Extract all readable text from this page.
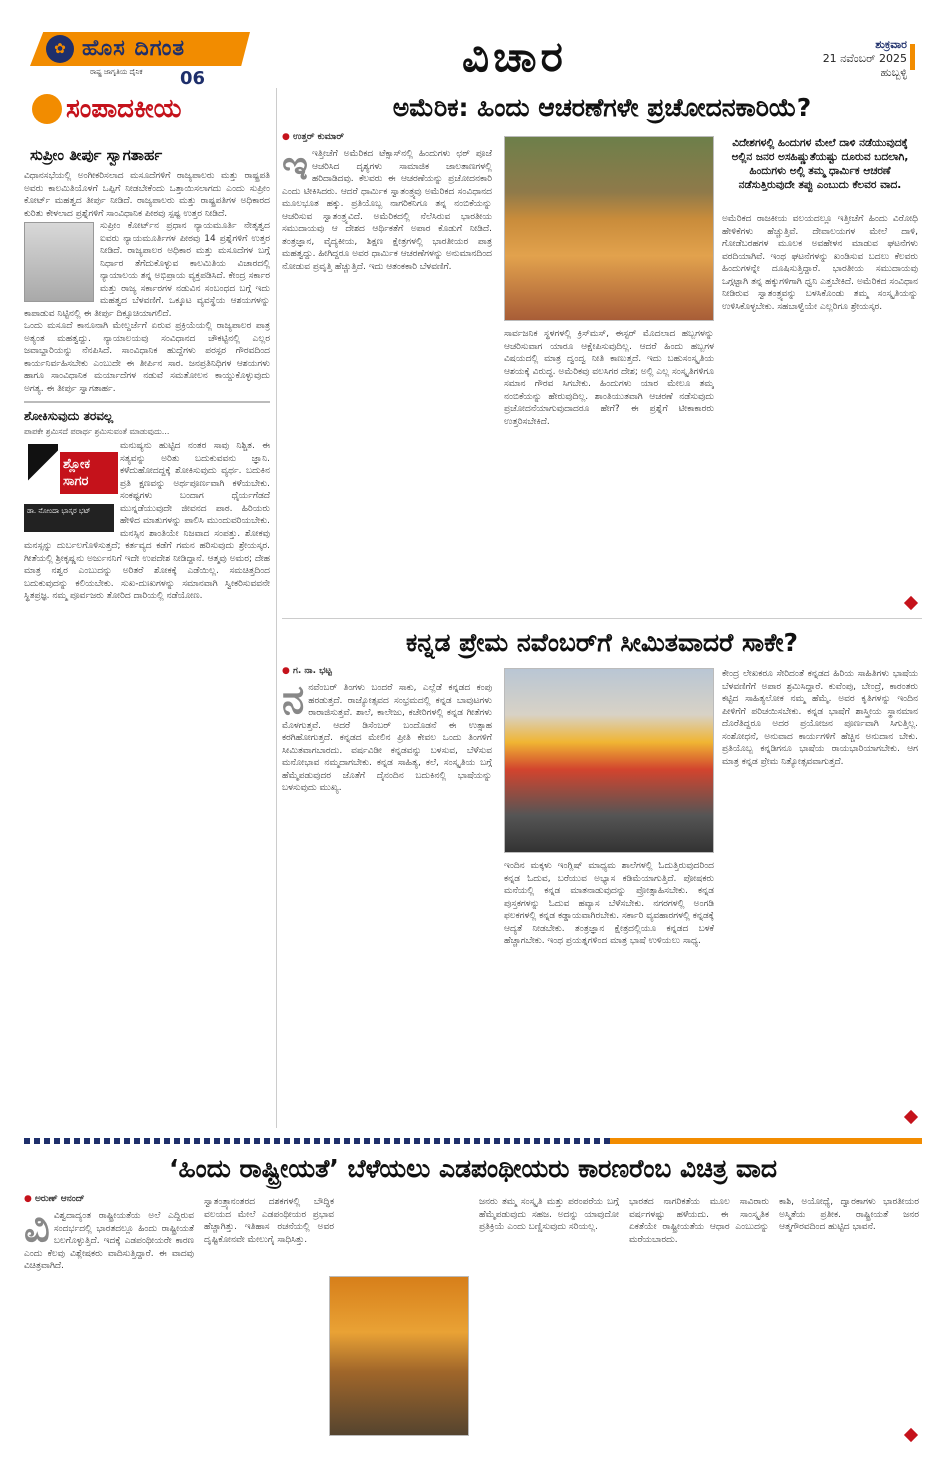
✿ ಹೊಸ ದಿಗಂತ
ರಾಷ್ಟ್ರ ಜಾಗೃತಿಯ ದೈನಿಕ 06	ವಿಚಾರ	ಶುಕ್ರವಾರ
21 ನವೆಂಬರ್ 2025
ಹುಬ್ಬಳ್ಳಿ
ಸಂಪಾದಕೀಯ
ಸುಪ್ರೀಂ ತೀರ್ಪು ಸ್ವಾಗತಾರ್ಹ

ವಿಧಾನಸಭೆಯಲ್ಲಿ ಅಂಗೀಕರಿಸಲಾದ ಮಸೂದೆಗಳಿಗೆ ರಾಜ್ಯಪಾಲರು ಮತ್ತು ರಾಷ್ಟ್ರಪತಿ ಅವರು ಕಾಲಮಿತಿಯೊಳಗೆ ಒಪ್ಪಿಗೆ ನೀಡಬೇಕೆಂದು ಒತ್ತಾಯಿಸಲಾಗದು ಎಂದು ಸುಪ್ರೀಂ ಕೋರ್ಟ್ ಮಹತ್ವದ ತೀರ್ಪು ನೀಡಿದೆ. ರಾಜ್ಯಪಾಲರು ಮತ್ತು ರಾಷ್ಟ್ರಪತಿಗಳ ಅಧಿಕಾರದ ಕುರಿತು ಕೇಳಲಾದ ಪ್ರಶ್ನೆಗಳಿಗೆ ಸಾಂವಿಧಾನಿಕ ಪೀಠವು ಸ್ಪಷ್ಟ ಉತ್ತರ ನೀಡಿದೆ.

ಸುಪ್ರೀಂ ಕೋರ್ಟ್‌ನ ಪ್ರಧಾನ ನ್ಯಾಯಮೂರ್ತಿ ನೇತೃತ್ವದ ಐವರು ನ್ಯಾಯಮೂರ್ತಿಗಳ ಪೀಠವು 14 ಪ್ರಶ್ನೆಗಳಿಗೆ ಉತ್ತರ ನೀಡಿದೆ. ರಾಜ್ಯಪಾಲರ ಅಧಿಕಾರ ಮತ್ತು ಮಸೂದೆಗಳ ಬಗ್ಗೆ ನಿರ್ಧಾರ ತೆಗೆದುಕೊಳ್ಳುವ ಕಾಲಮಿತಿಯ ವಿಚಾರದಲ್ಲಿ ನ್ಯಾಯಾಲಯ ತನ್ನ ಅಭಿಪ್ರಾಯ ವ್ಯಕ್ತಪಡಿಸಿದೆ. ಕೇಂದ್ರ ಸರ್ಕಾರ ಮತ್ತು ರಾಜ್ಯ ಸರ್ಕಾರಗಳ ನಡುವಿನ ಸಂಬಂಧದ ಬಗ್ಗೆ ಇದು ಮಹತ್ವದ ಬೆಳವಣಿಗೆ. ಒಕ್ಕೂಟ ವ್ಯವಸ್ಥೆಯ ಆಶಯಗಳನ್ನು ಕಾಪಾಡುವ ನಿಟ್ಟಿನಲ್ಲಿ ಈ ತೀರ್ಪು ದಿಕ್ಸೂಚಿಯಾಗಲಿದೆ.

ಒಂದು ಮಸೂದೆ ಕಾನೂನಾಗಿ ಮೇಲ್ದರ್ಜೆಗೆ ಏರುವ ಪ್ರಕ್ರಿಯೆಯಲ್ಲಿ ರಾಜ್ಯಪಾಲರ ಪಾತ್ರ ಅತ್ಯಂತ ಮಹತ್ವದ್ದು. ನ್ಯಾಯಾಲಯವು ಸಂವಿಧಾನದ ಚೌಕಟ್ಟಿನಲ್ಲಿ ಎಲ್ಲರ ಜವಾಬ್ದಾರಿಯನ್ನು ನೆನಪಿಸಿದೆ. ಸಾಂವಿಧಾನಿಕ ಹುದ್ದೆಗಳು ಪರಸ್ಪರ ಗೌರವದಿಂದ ಕಾರ್ಯನಿರ್ವಹಿಸಬೇಕು ಎಂಬುದೇ ಈ ತೀರ್ಪಿನ ಸಾರ. ಜನಪ್ರತಿನಿಧಿಗಳ ಆಶಯಗಳು ಹಾಗೂ ಸಾಂವಿಧಾನಿಕ ಮರ್ಯಾದೆಗಳ ನಡುವೆ ಸಮತೋಲನ ಕಾಯ್ದುಕೊಳ್ಳುವುದು ಅಗತ್ಯ. ಈ ತೀರ್ಪು ಸ್ವಾಗತಾರ್ಹ.

ಶೋಕಿಸುವುದು ತರವಲ್ಲ
ಪಾಪಕೇ ಶ್ರಮಿಸದೆ ಪರಾರ್ಥ ಶ್ರಮಿಸುವಂತೆ ಮಾಡುವುದು...
ಶ್ಲೋಕ ಸಾಗರ
ಡಾ. ನೋಂದಾ ಭಾಸ್ಕರ ಭಟ್

ಮನುಷ್ಯನು ಹುಟ್ಟಿದ ನಂತರ ಸಾವು ನಿಶ್ಚಿತ. ಈ ಸತ್ಯವನ್ನು ಅರಿತು ಬದುಕುವವನು ಜ್ಞಾನಿ. ಕಳೆದುಹೋದದ್ದಕ್ಕೆ ಶೋಕಿಸುವುದು ವ್ಯರ್ಥ. ಬದುಕಿನ ಪ್ರತಿ ಕ್ಷಣವನ್ನು ಅರ್ಥಪೂರ್ಣವಾಗಿ ಕಳೆಯಬೇಕು. ಸಂಕಷ್ಟಗಳು ಬಂದಾಗ ಧೈರ್ಯಗೆಡದೆ ಮುನ್ನಡೆಯುವುದೇ ಜೀವನದ ಪಾಠ. ಹಿರಿಯರು ಹೇಳಿದ ಮಾತುಗಳನ್ನು ಪಾಲಿಸಿ ಮುಂದುವರಿಯಬೇಕು. ಮನಸ್ಸಿನ ಶಾಂತಿಯೇ ನಿಜವಾದ ಸಂಪತ್ತು. ಶೋಕವು ಮನಸ್ಸನ್ನು ದುರ್ಬಲಗೊಳಿಸುತ್ತದೆ; ಕರ್ತವ್ಯದ ಕಡೆಗೆ ಗಮನ ಹರಿಸುವುದು ಶ್ರೇಯಸ್ಕರ. ಗೀತೆಯಲ್ಲಿ ಶ್ರೀಕೃಷ್ಣನು ಅರ್ಜುನನಿಗೆ ಇದೇ ಉಪದೇಶ ನೀಡಿದ್ದಾನೆ. ಆತ್ಮವು ಅಮರ; ದೇಹ ಮಾತ್ರ ನಶ್ವರ ಎಂಬುದನ್ನು ಅರಿತರೆ ಶೋಕಕ್ಕೆ ಎಡೆಯಿಲ್ಲ. ಸಮಚಿತ್ತದಿಂದ ಬದುಕುವುದನ್ನು ಕಲಿಯಬೇಕು. ಸುಖ-ದುಃಖಗಳನ್ನು ಸಮಾನವಾಗಿ ಸ್ವೀಕರಿಸುವವನೇ ಸ್ಥಿತಪ್ರಜ್ಞ. ನಮ್ಮ ಪೂರ್ವಜರು ತೋರಿದ ದಾರಿಯಲ್ಲಿ ನಡೆಯೋಣ.

ಅಮೆರಿಕ: ಹಿಂದು ಆಚರಣೆಗಳೇ ಪ್ರಚೋದನಕಾರಿಯೆ?
● ಉತ್ತರ್ ಕುಮಾರ್
ಇಇತ್ತೀಚೆಗೆ ಅಮೆರಿಕದ ಟೆಕ್ಸಾಸ್‌ನಲ್ಲಿ ಹಿಂದುಗಳು ಛಠ್ ಪೂಜೆ ಆಚರಿಸಿದ ದೃಶ್ಯಗಳು ಸಾಮಾಜಿಕ ಜಾಲತಾಣಗಳಲ್ಲಿ ಹರಿದಾಡಿದವು. ಕೆಲವರು ಈ ಆಚರಣೆಯನ್ನು ಪ್ರಚೋದನಕಾರಿ ಎಂದು ಟೀಕಿಸಿದರು. ಆದರೆ ಧಾರ್ಮಿಕ ಸ್ವಾತಂತ್ರ್ಯವು ಅಮೆರಿಕದ ಸಂವಿಧಾನದ ಮೂಲಭೂತ ಹಕ್ಕು. ಪ್ರತಿಯೊಬ್ಬ ನಾಗರಿಕನಿಗೂ ತನ್ನ ನಂಬಿಕೆಯನ್ನು ಆಚರಿಸುವ ಸ್ವಾತಂತ್ರ್ಯವಿದೆ. ಅಮೆರಿಕದಲ್ಲಿ ನೆಲೆಸಿರುವ ಭಾರತೀಯ ಸಮುದಾಯವು ಆ ದೇಶದ ಆರ್ಥಿಕತೆಗೆ ಅಪಾರ ಕೊಡುಗೆ ನೀಡಿದೆ. ತಂತ್ರಜ್ಞಾನ, ವೈದ್ಯಕೀಯ, ಶಿಕ್ಷಣ ಕ್ಷೇತ್ರಗಳಲ್ಲಿ ಭಾರತೀಯರ ಪಾತ್ರ ಮಹತ್ವದ್ದು. ಹೀಗಿದ್ದರೂ ಅವರ ಧಾರ್ಮಿಕ ಆಚರಣೆಗಳನ್ನು ಅನುಮಾನದಿಂದ ನೋಡುವ ಪ್ರವೃತ್ತಿ ಹೆಚ್ಚುತ್ತಿದೆ. ಇದು ಆತಂಕಕಾರಿ ಬೆಳವಣಿಗೆ.
ಸಾರ್ವಜನಿಕ ಸ್ಥಳಗಳಲ್ಲಿ ಕ್ರಿಸ್‌ಮಸ್, ಈಸ್ಟರ್ ಮೊದಲಾದ ಹಬ್ಬಗಳನ್ನು ಆಚರಿಸುವಾಗ ಯಾರೂ ಆಕ್ಷೇಪಿಸುವುದಿಲ್ಲ. ಆದರೆ ಹಿಂದು ಹಬ್ಬಗಳ ವಿಷಯದಲ್ಲಿ ಮಾತ್ರ ದ್ವಂದ್ವ ನೀತಿ ಕಾಣುತ್ತದೆ. ಇದು ಬಹುಸಂಸ್ಕೃತಿಯ ಆಶಯಕ್ಕೆ ವಿರುದ್ಧ. ಅಮೆರಿಕವು ವಲಸಿಗರ ದೇಶ; ಅಲ್ಲಿ ಎಲ್ಲ ಸಂಸ್ಕೃತಿಗಳಿಗೂ ಸಮಾನ ಗೌರವ ಸಿಗಬೇಕು. ಹಿಂದುಗಳು ಯಾರ ಮೇಲೂ ತಮ್ಮ ನಂಬಿಕೆಯನ್ನು ಹೇರುವುದಿಲ್ಲ. ಶಾಂತಿಯುತವಾಗಿ ಆಚರಣೆ ನಡೆಸುವುದು ಪ್ರಚೋದನೆಯಾಗುವುದಾದರೂ ಹೇಗೆ? ಈ ಪ್ರಶ್ನೆಗೆ ಟೀಕಾಕಾರರು ಉತ್ತರಿಸಬೇಕಿದೆ.
ವಿದೇಶಗಳಲ್ಲಿ ಹಿಂದುಗಳ ಮೇಲೆ ದಾಳಿ ನಡೆಯುವುದಕ್ಕೆ ಅಲ್ಲಿನ ಜನರ ಅಸಹಿಷ್ಣುತೆಯಷ್ಟು ದೂರುವ ಬದಲಾಗಿ, ಹಿಂದುಗಳು ಅಲ್ಲಿ ತಮ್ಮ ಧಾರ್ಮಿಕ ಆಚರಣೆ ನಡೆಸುತ್ತಿರುವುದೇ ತಪ್ಪು ಎಂಬುದು ಕೆಲವರ ವಾದ.
ಅಮೆರಿಕದ ರಾಜಕೀಯ ವಲಯದಲ್ಲೂ ಇತ್ತೀಚೆಗೆ ಹಿಂದು ವಿರೋಧಿ ಹೇಳಿಕೆಗಳು ಹೆಚ್ಚುತ್ತಿವೆ. ದೇವಾಲಯಗಳ ಮೇಲೆ ದಾಳಿ, ಗೋಡೆಬರಹಗಳ ಮೂಲಕ ಅವಹೇಳನ ಮಾಡುವ ಘಟನೆಗಳು ವರದಿಯಾಗಿವೆ. ಇಂಥ ಘಟನೆಗಳನ್ನು ಖಂಡಿಸುವ ಬದಲು ಕೆಲವರು ಹಿಂದುಗಳನ್ನೇ ದೂಷಿಸುತ್ತಿದ್ದಾರೆ. ಭಾರತೀಯ ಸಮುದಾಯವು ಒಗ್ಗಟ್ಟಾಗಿ ತನ್ನ ಹಕ್ಕುಗಳಿಗಾಗಿ ಧ್ವನಿ ಎತ್ತಬೇಕಿದೆ. ಅಮೆರಿಕದ ಸಂವಿಧಾನ ನೀಡಿರುವ ಸ್ವಾತಂತ್ರ್ಯವನ್ನು ಬಳಸಿಕೊಂಡು ತಮ್ಮ ಸಂಸ್ಕೃತಿಯನ್ನು ಉಳಿಸಿಕೊಳ್ಳಬೇಕು. ಸಹಬಾಳ್ವೆಯೇ ಎಲ್ಲರಿಗೂ ಶ್ರೇಯಸ್ಕರ.
ಕನ್ನಡ ಪ್ರೇಮ ನವೆಂಬರ್‌ಗೆ ಸೀಮಿತವಾದರೆ ಸಾಕೇ?
● ಗ. ನಾ. ಭಟ್ಟ
ನನವೆಂಬರ್ ತಿಂಗಳು ಬಂದರೆ ಸಾಕು, ಎಲ್ಲೆಡೆ ಕನ್ನಡದ ಕಂಪು ಹರಡುತ್ತದೆ. ರಾಜ್ಯೋತ್ಸವದ ಸಂಭ್ರಮದಲ್ಲಿ ಕನ್ನಡ ಬಾವುಟಗಳು ರಾರಾಜಿಸುತ್ತವೆ. ಶಾಲೆ, ಕಾಲೇಜು, ಕಚೇರಿಗಳಲ್ಲಿ ಕನ್ನಡ ಗೀತೆಗಳು ಮೊಳಗುತ್ತವೆ. ಆದರೆ ಡಿಸೆಂಬರ್ ಬಂದೊಡನೆ ಈ ಉತ್ಸಾಹ ಕರಗಿಹೋಗುತ್ತದೆ. ಕನ್ನಡದ ಮೇಲಿನ ಪ್ರೀತಿ ಕೇವಲ ಒಂದು ತಿಂಗಳಿಗೆ ಸೀಮಿತವಾಗಬಾರದು. ವರ್ಷವಿಡೀ ಕನ್ನಡವನ್ನು ಬಳಸುವ, ಬೆಳೆಸುವ ಮನೋಭಾವ ನಮ್ಮದಾಗಬೇಕು. ಕನ್ನಡ ಸಾಹಿತ್ಯ, ಕಲೆ, ಸಂಸ್ಕೃತಿಯ ಬಗ್ಗೆ ಹೆಮ್ಮೆಪಡುವುದರ ಜೊತೆಗೆ ದೈನಂದಿನ ಬದುಕಿನಲ್ಲಿ ಭಾಷೆಯನ್ನು ಬಳಸುವುದು ಮುಖ್ಯ.
ಇಂದಿನ ಮಕ್ಕಳು ಇಂಗ್ಲಿಷ್ ಮಾಧ್ಯಮ ಶಾಲೆಗಳಲ್ಲಿ ಓದುತ್ತಿರುವುದರಿಂದ ಕನ್ನಡ ಓದುವ, ಬರೆಯುವ ಅಭ್ಯಾಸ ಕಡಿಮೆಯಾಗುತ್ತಿದೆ. ಪೋಷಕರು ಮನೆಯಲ್ಲಿ ಕನ್ನಡ ಮಾತನಾಡುವುದನ್ನು ಪ್ರೋತ್ಸಾಹಿಸಬೇಕು. ಕನ್ನಡ ಪುಸ್ತಕಗಳನ್ನು ಓದುವ ಹವ್ಯಾಸ ಬೆಳೆಸಬೇಕು. ನಗರಗಳಲ್ಲಿ ಅಂಗಡಿ ಫಲಕಗಳಲ್ಲಿ ಕನ್ನಡ ಕಡ್ಡಾಯವಾಗಿರಬೇಕು. ಸರ್ಕಾರಿ ವ್ಯವಹಾರಗಳಲ್ಲಿ ಕನ್ನಡಕ್ಕೆ ಆದ್ಯತೆ ನೀಡಬೇಕು. ತಂತ್ರಜ್ಞಾನ ಕ್ಷೇತ್ರದಲ್ಲಿಯೂ ಕನ್ನಡದ ಬಳಕೆ ಹೆಚ್ಚಾಗಬೇಕು. ಇಂಥ ಪ್ರಯತ್ನಗಳಿಂದ ಮಾತ್ರ ಭಾಷೆ ಉಳಿಯಲು ಸಾಧ್ಯ.
ಕೇಂದ್ರ ಲೇಖಕರೂ ಸೇರಿದಂತೆ ಕನ್ನಡದ ಹಿರಿಯ ಸಾಹಿತಿಗಳು ಭಾಷೆಯ ಬೆಳವಣಿಗೆಗೆ ಅಪಾರ ಶ್ರಮಿಸಿದ್ದಾರೆ. ಕುವೆಂಪು, ಬೇಂದ್ರೆ, ಕಾರಂತರು ಕಟ್ಟಿದ ಸಾಹಿತ್ಯಲೋಕ ನಮ್ಮ ಹೆಮ್ಮೆ. ಅವರ ಕೃತಿಗಳನ್ನು ಇಂದಿನ ಪೀಳಿಗೆಗೆ ಪರಿಚಯಿಸಬೇಕು. ಕನ್ನಡ ಭಾಷೆಗೆ ಶಾಸ್ತ್ರೀಯ ಸ್ಥಾನಮಾನ ದೊರೆತಿದ್ದರೂ ಅದರ ಪ್ರಯೋಜನ ಪೂರ್ಣವಾಗಿ ಸಿಗುತ್ತಿಲ್ಲ. ಸಂಶೋಧನೆ, ಅನುವಾದ ಕಾರ್ಯಗಳಿಗೆ ಹೆಚ್ಚಿನ ಅನುದಾನ ಬೇಕು. ಪ್ರತಿಯೊಬ್ಬ ಕನ್ನಡಿಗನೂ ಭಾಷೆಯ ರಾಯಭಾರಿಯಾಗಬೇಕು. ಆಗ ಮಾತ್ರ ಕನ್ನಡ ಪ್ರೇಮ ನಿತ್ಯೋತ್ಸವವಾಗುತ್ತದೆ.
‘ಹಿಂದು ರಾಷ್ಟ್ರೀಯತೆ’ ಬೆಳೆಯಲು ಎಡಪಂಥೀಯರು ಕಾರಣರೆಂಬ ವಿಚಿತ್ರ ವಾದ
● ಅರುಣ್ ಆನಂದ್
ವಿವಿಶ್ವದಾದ್ಯಂತ ರಾಷ್ಟ್ರೀಯತೆಯ ಅಲೆ ಎದ್ದಿರುವ ಸಂದರ್ಭದಲ್ಲಿ ಭಾರತದಲ್ಲೂ ಹಿಂದು ರಾಷ್ಟ್ರೀಯತೆ ಬಲಗೊಳ್ಳುತ್ತಿದೆ. ಇದಕ್ಕೆ ಎಡಪಂಥೀಯರೇ ಕಾರಣ ಎಂದು ಕೆಲವು ವಿಶ್ಲೇಷಕರು ವಾದಿಸುತ್ತಿದ್ದಾರೆ. ಈ ವಾದವು ವಿಚಿತ್ರವಾಗಿದೆ.
ಸ್ವಾತಂತ್ರ್ಯಾನಂತರದ ದಶಕಗಳಲ್ಲಿ ಬೌದ್ಧಿಕ ವಲಯದ ಮೇಲೆ ಎಡಪಂಥೀಯರ ಪ್ರಭಾವ ಹೆಚ್ಚಾಗಿತ್ತು. ಇತಿಹಾಸ ರಚನೆಯಲ್ಲಿ ಅವರ ದೃಷ್ಟಿಕೋನವೇ ಮೇಲುಗೈ ಸಾಧಿಸಿತ್ತು.
ಜನರು ತಮ್ಮ ಸಂಸ್ಕೃತಿ ಮತ್ತು ಪರಂಪರೆಯ ಬಗ್ಗೆ ಹೆಮ್ಮೆಪಡುವುದು ಸಹಜ. ಅದನ್ನು ಯಾವುದೋ ಪ್ರತಿಕ್ರಿಯೆ ಎಂದು ಬಣ್ಣಿಸುವುದು ಸರಿಯಲ್ಲ.
ಭಾರತದ ನಾಗರಿಕತೆಯ ಮೂಲ ಸಾವಿರಾರು ವರ್ಷಗಳಷ್ಟು ಹಳೆಯದು. ಈ ಸಾಂಸ್ಕೃತಿಕ ಏಕತೆಯೇ ರಾಷ್ಟ್ರೀಯತೆಯ ಆಧಾರ ಎಂಬುದನ್ನು ಮರೆಯಬಾರದು.
ಕಾಶಿ, ಅಯೋಧ್ಯೆ, ದ್ವಾರಕಾಗಳು ಭಾರತೀಯರ ಅಸ್ಮಿತೆಯ ಪ್ರತೀಕ. ರಾಷ್ಟ್ರೀಯತೆ ಜನರ ಆತ್ಮಗೌರವದಿಂದ ಹುಟ್ಟಿದ ಭಾವನೆ.
